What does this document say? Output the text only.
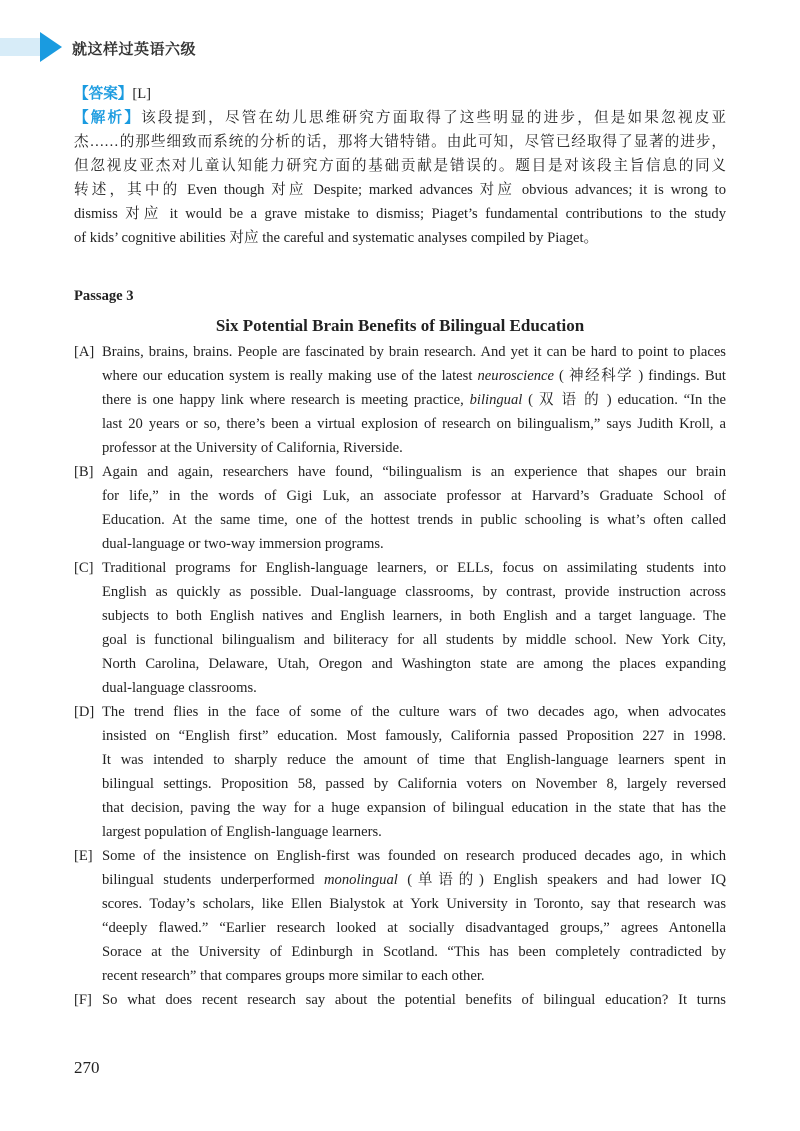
就这样过英语六级
【答案】[L]
【解析】该段提到，尽管在幼儿思维研究方面取得了这些明显的进步，但是如果忽视皮亚
杰……的那些细致而系统的分析的话，那将大错特错。由此可知，尽管已经取得了显著的进步，
但忽视皮亚杰对儿童认知能力研究方面的基础贡献是错误的。题目是对该段主旨信息的同义
转述，其中的 Even though 对应 Despite; marked advances 对应 obvious advances; it is wrong to
dismiss 对应 it would be a grave mistake to dismiss; Piaget’s fundamental contributions to the study
of kids’ cognitive abilities 对应 the careful and systematic analyses compiled by Piaget。
Passage 3
Six Potential Brain Benefits of Bilingual Education
[A] Brains, brains, brains. People are fascinated by brain research. And yet it can be hard to point to places
where our education system is really making use of the latest neuroscience ( 神经科学 ) findings. But
there is one happy link where research is meeting practice, bilingual ( 双 语 的 ) education. “In the
last 20 years or so, there’s been a virtual explosion of research on bilingualism,” says Judith Kroll, a
professor at the University of California, Riverside.
[B] Again and again, researchers have found, “bilingualism is an experience that shapes our brain
for life,” in the words of Gigi Luk, an associate professor at Harvard’s Graduate School of
Education. At the same time, one of the hottest trends in public schooling is what’s often called
dual-language or two-way immersion programs.
[C] Traditional programs for English-language learners, or ELLs, focus on assimilating students into
English as quickly as possible. Dual-language classrooms, by contrast, provide instruction across
subjects to both English natives and English learners, in both English and a target language. The
goal is functional bilingualism and biliteracy for all students by middle school. New York City,
North Carolina, Delaware, Utah, Oregon and Washington state are among the places expanding
dual-language classrooms.
[D] The trend flies in the face of some of the culture wars of two decades ago, when advocates
insisted on “English first” education. Most famously, California passed Proposition 227 in 1998.
It was intended to sharply reduce the amount of time that English-language learners spent in
bilingual settings. Proposition 58, passed by California voters on November 8, largely reversed
that decision, paving the way for a huge expansion of bilingual education in the state that has the
largest population of English-language learners.
[E] Some of the insistence on English-first was founded on research produced decades ago, in which
bilingual students underperformed monolingual (单语的) English speakers and had lower IQ
scores. Today’s scholars, like Ellen Bialystok at York University in Toronto, say that research was
“deeply flawed.” “Earlier research looked at socially disadvantaged groups,” agrees Antonella
Sorace at the University of Edinburgh in Scotland. “This has been completely contradicted by
recent research” that compares groups more similar to each other.
[F] So what does recent research say about the potential benefits of bilingual education? It turns
270
